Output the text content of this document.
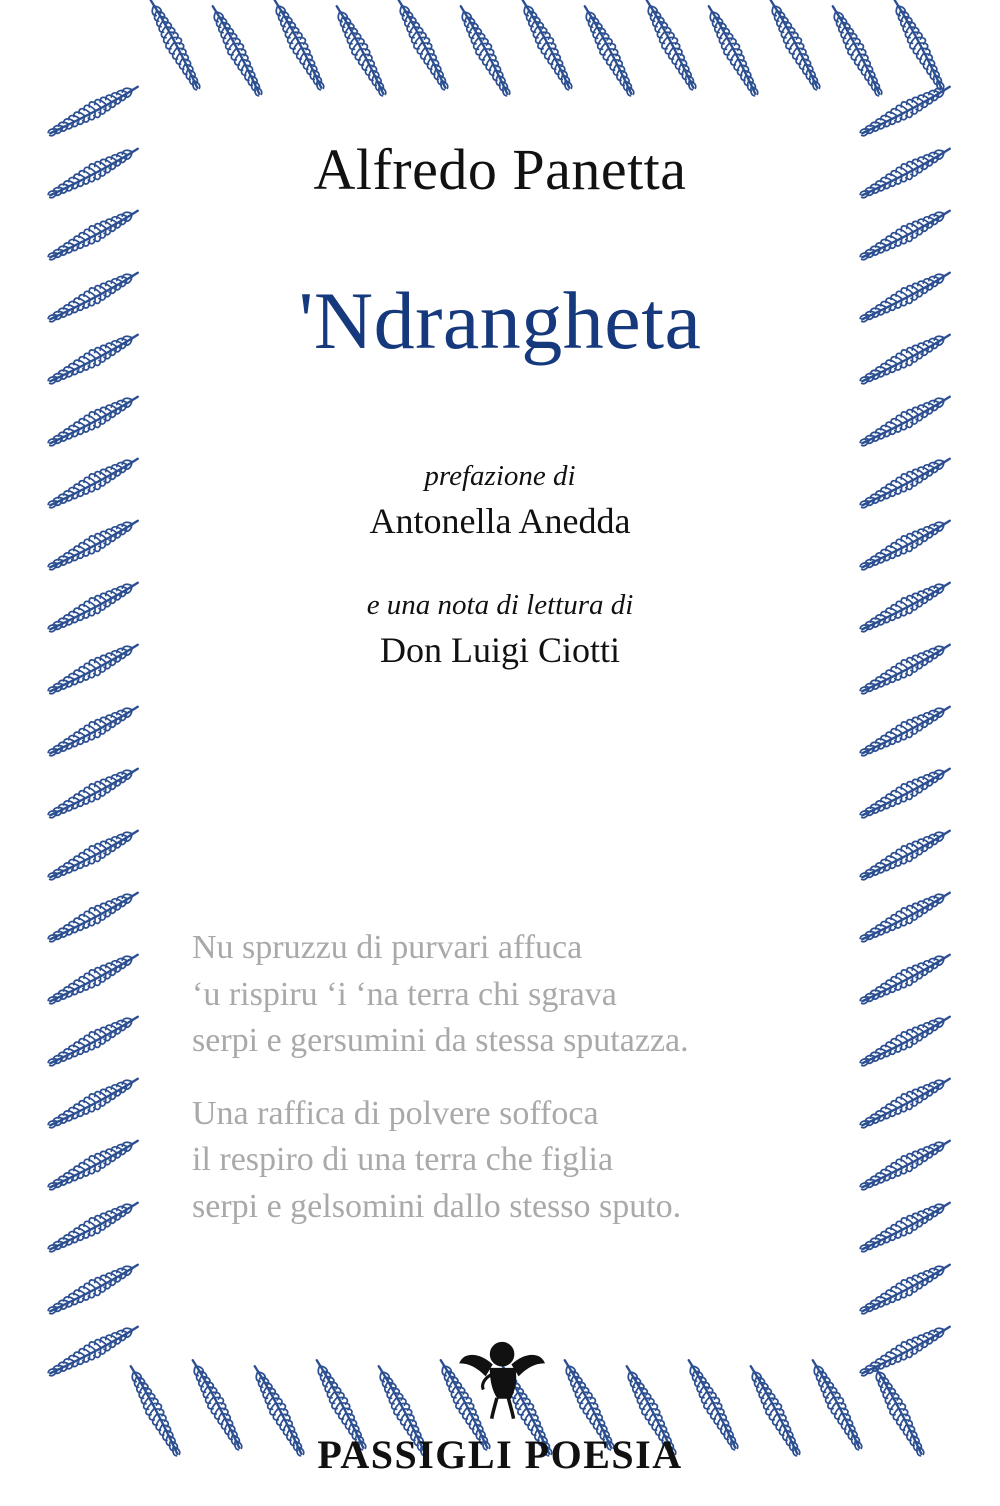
Alfredo Panetta
'Ndrangheta
prefazione di
Antonella Anedda
e una nota di lettura di
Don Luigi Ciotti
Nu spruzzu di purvari affuca
‘u rispiru ‘i ‘na terra chi sgrava
serpi e gersumini da stessa sputazza.
Una raffica di polvere soffoca
il respiro di una terra che figlia
serpi e gelsomini dallo stesso sputo.
PASSIGLI POESIA
